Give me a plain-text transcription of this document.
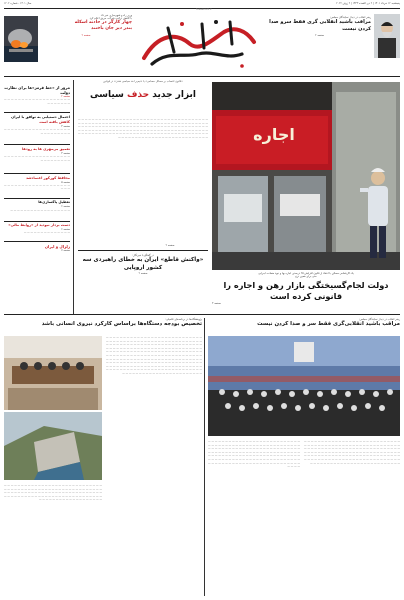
پنجشنبه ۱۲ خرداد ۱۴۰۱ | ۲ ذی القعده ۱۴۴۳ | ۲ ژوئن ۲۰۲۲
سال ۱۴۰۱ - شماره ۱۲۰۲
toseeirani.ir
وزیر راه و شهرسازی خبر داد
با کاهش ترکیب شرکت حریق اعلام کرد
چهار کارگر در حادثه اسکله
بندر دیر جان باختند
صفحه ۲
رهبر انقلاب در دیدار نمایندگان مجلس:
مراقب باشید انقلابی گری فقط سرو صدا کردن نیست
صفحه ۲

مرور از «خط قرمز»ها برای نظارت دولت
صفحه ۲
— — — — — — — — — — — — — — — — — — — — — — — — — —
احتمال دستیابی به توافق با ایران
کاهش بافته است
صفحه ۳
— — — — — — — — — — — — — — — — — — — — — — — — — — — —
تعمیق بی‌مهری ها به رودها
صفحه ۳
— — — — — — — — — — — — — — — — — — — — — — — — — — — —
محافظ کورکور اعتمادشد
صفحه ۵
— — — — — — — — — — — — — — — — — — — — — —
تعطیل پاکسازی‌ها
صفحه ۶
— — — — — — — — — — — — — — — — — —
دست بردار نبودید از «روابط مالی»
صفحه ۶
— — — — — — — — — — — — — —
زلزال و ایران
صفحه ۷
«قانون انتصاب بر مسائل حساس» یا «نیم‌بر اخذ سیاسی شدن» در قوانین
ابزار جدید حذف سیاسی
— — — — — — — — — — — — — — — — — — — — — — — — — — — — — — — — — — — — — — — — — — — — — — — — — — — — — — — — — — — — — — — — — — — — — — — — — — — — — — — — — — — — — — — — — — — — — — — — — — — — — — — — — — — — — — — — — — — — — — — — — — — — — — — — — — — — — — — — — — — — — — — — — — — — — — — — — — — — — — — — — — — — — — — — — — — — — — — — — — — — — — — — — — — — — — — — — — — — — — — — — — — — — — — — — — — — — — — — —
صفحه ۲
اجاره
یک کارشناس مسکن با انتقاد از قانون افزایش ۲۵ درصدی اجاره بها و نبود ضمانت اجرایی
حتی برای همین نرخ
دولت لجام‌گسیختگی بازار رهن و اجاره را قانونی کرده است
صفحه ۳
در گفتگو با خبرنگار:
«واکنش قاطع» ایران به خطای راهبردی سه کشور اروپایی
صفحه ۲
پژوهشگاه‌ها در برنامه‌های تکمیلی:
تخصیص بودجه دستگاه‌ها براساس کارکرد نیروی انسانی باشد
— — — — — — — — — — — — — — — — — — — — — — — — — — — — — — — — — — — — — — — — — — — — — — — — — — — — — — — — — — — — — — — — — — — — — — — — — — — — — — — — — — — — — — — — — — — — — — — — — — — — — — — — — — — — — — — — — — — — — — — — — — — — — — — — — — — — — — — — — — — — — — — — — — — — — — — — — — — — — — — — — — — — — — — — — — — — — — — — — — — — — — — — — — — — — — — — — — — — — — — — — — — — — — — — — — — — — — — — — — — — — — — — — — — — — — — — — — — — — — — — — — — — — — — — — — — — — — — — — — — — — — — — — — — — — — — — — — — — — — — — — — — — — — — — — — — — — — — — — — — — — — — —
— — — — — — — — — — — — — — — — — — — — — — — — — — — — — — — — — — — — — — — — — — — — — — — — — — — — — — — — — — — — — — — — — — — — — — — — — — — — — — — — — — — — — — — — — — — — — — — — — — — — — — — — — — — — — — — — — — — — — — — — — — — — — — — — — — — — — — —
رهبر انقلاب در دیدار نمایندگان مجلس:
مراقب باشید انقلابی‌گری فقط سر و صدا کردن نیست
— — — — — — — — — — — — — — — — — — — — — — — — — — — — — — — — — — — — — — — — — — — — — — — — — — — — — — — — — — — — — — — — — — — — — — — — — — — — — — — — — — — — — — — — — — — — — — — — — — — — — — — — — — — — — — — — — — — — — — — — — — — — — — — — — — — — — — — — — — — — — — — — — — — — — — — — — — — — — — — — — — — — — — — — — — — — — — — — — — — — — — — — — — — — — — — — —
— — — — — — — — — — — — — — — — — — — — — — — — — — — — — — — — — — — — — — — — — — — — — — — — — — — — — — — — — — — — — — — — — — — — — — — — — — — — — — — — — — — — — — — — — — — — — — — — — — — — — — — — — — — — — — — — — — — — — — — — — — — — — — — — — — — — — — — — — — — — — — — — — — — — — — — — — — — — — — — — — — — — — — — — — — — — — — — — — — — — — — — — — — — — — — — — — — —
